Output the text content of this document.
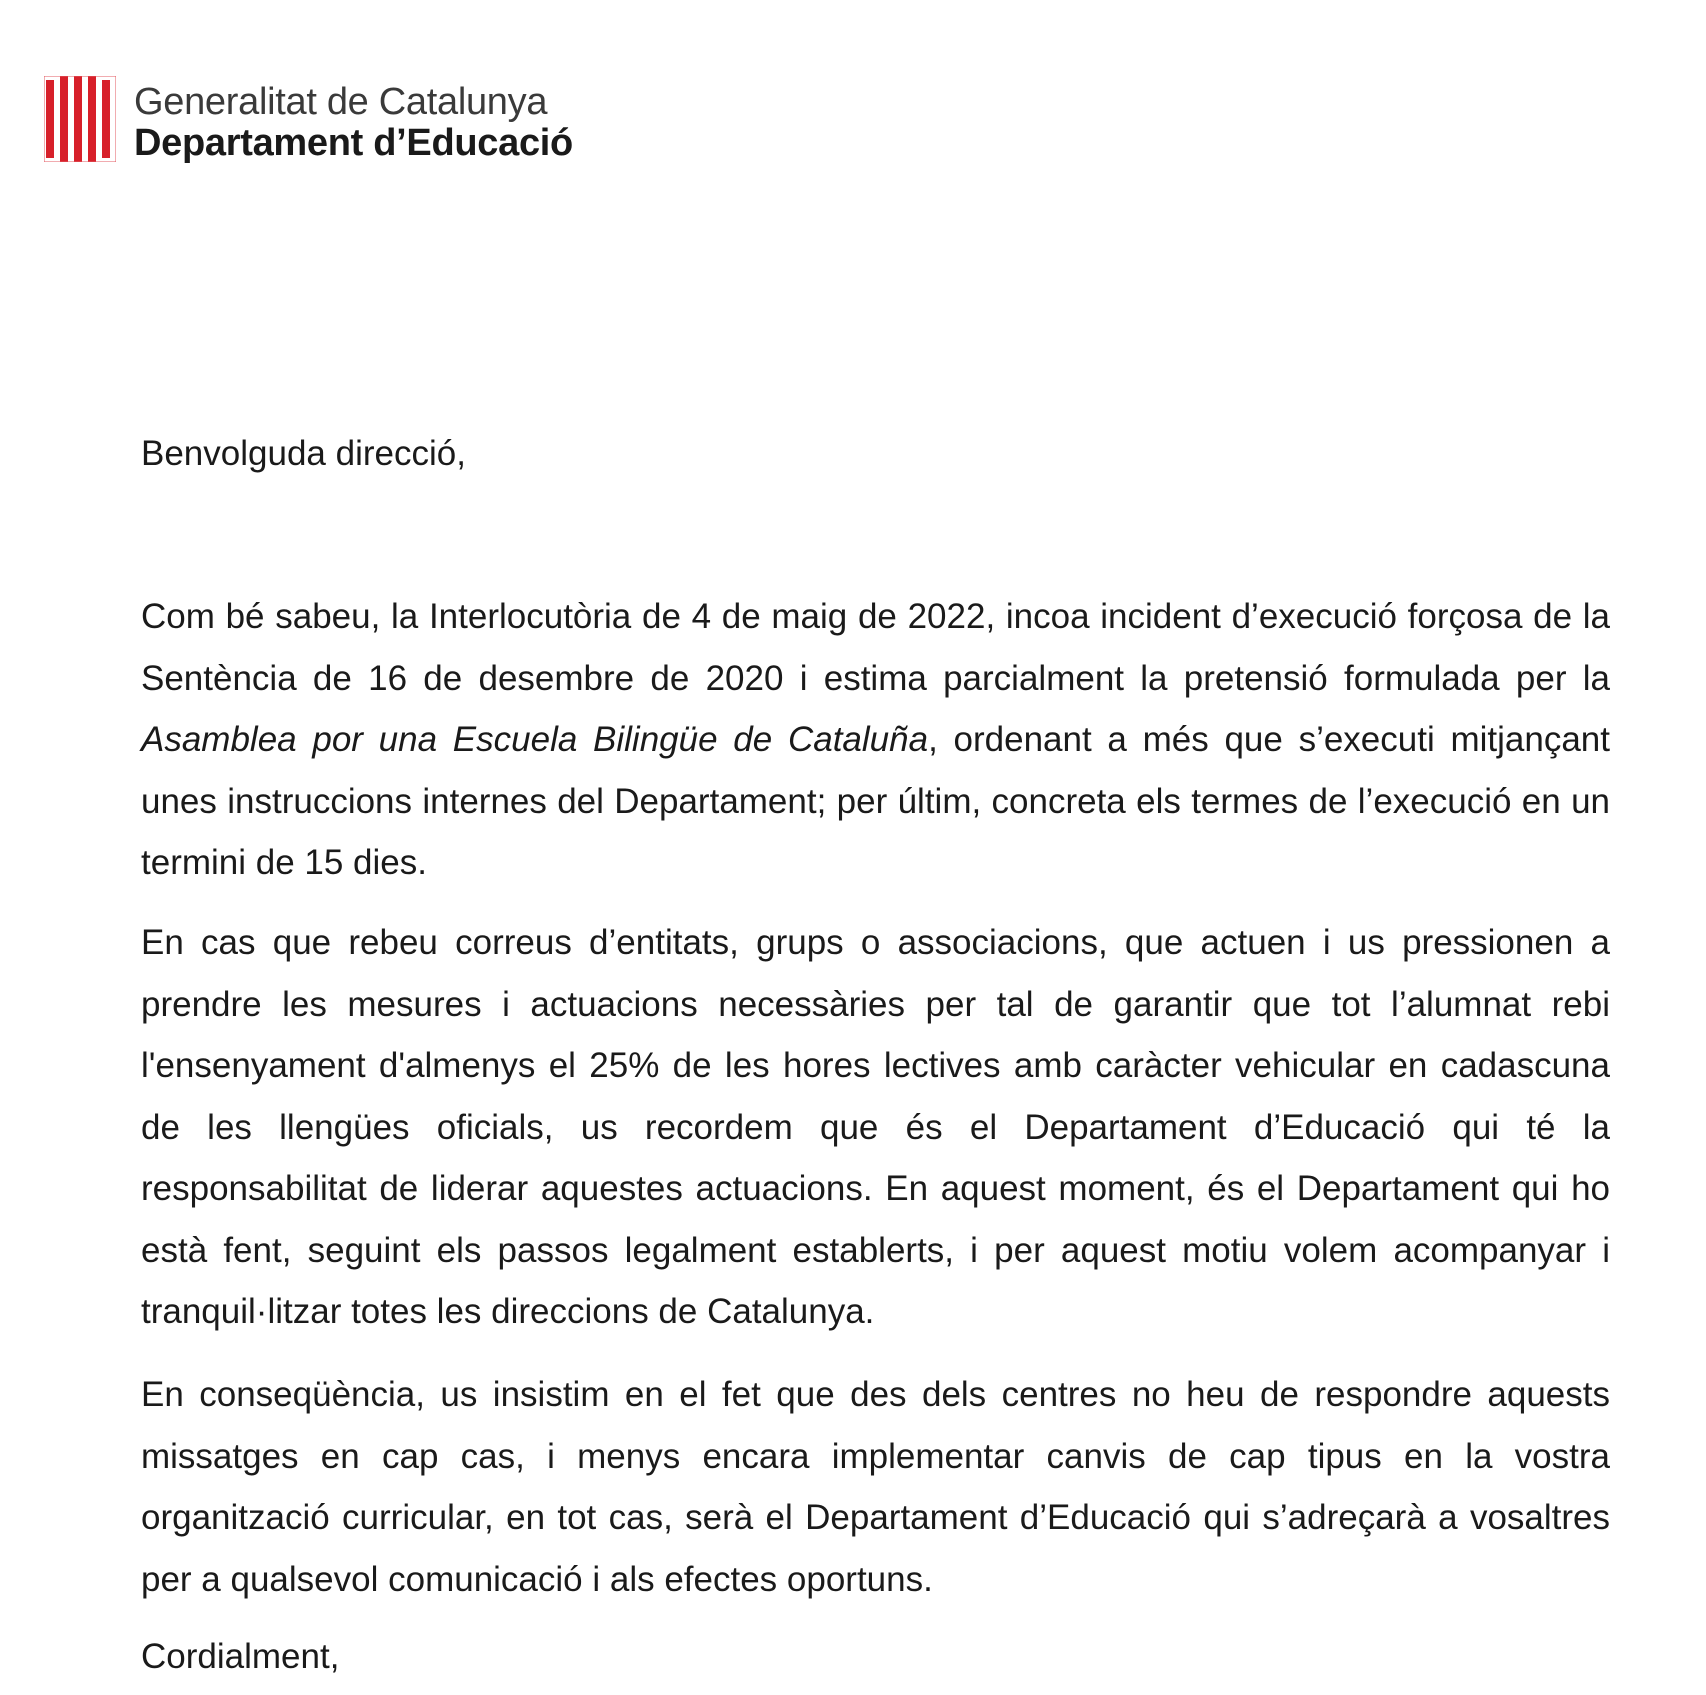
Generalitat de Catalunya
Departament d’Educació
Benvolguda direcció,
Com bé sabeu, la Interlocutòria de 4 de maig de 2022, incoa incident d’execució forçosa de la Sentència de 16 de desembre de 2020 i estima parcialment la pretensió formulada per la Asamblea por una Escuela Bilingüe de Cataluña, ordenant a més que s’executi mitjançant unes instruccions internes del Departament; per últim, concreta els termes de l’execució en un termini de 15 dies.
En cas que rebeu correus d’entitats, grups o associacions, que actuen i us pressionen a prendre les mesures i actuacions necessàries per tal de garantir que tot l’alumnat rebi l'ensenyament d'almenys el 25% de les hores lectives amb caràcter vehicular en cadascuna de les llengües oficials, us recordem que és el Departament d’Educació qui té la responsabilitat de liderar aquestes actuacions. En aquest moment, és el Departament qui ho està fent, seguint els passos legalment establerts, i per aquest motiu volem acompanyar i tranquil·litzar totes les direccions de Catalunya.
En conseqüència, us insistim en el fet que des dels centres no heu de respondre aquests missatges en cap cas, i menys encara implementar canvis de cap tipus en la vostra organització curricular, en tot cas, serà el Departament d’Educació qui s’adreçarà a vosaltres per a qualsevol comunicació i als efectes oportuns.
Cordialment,
